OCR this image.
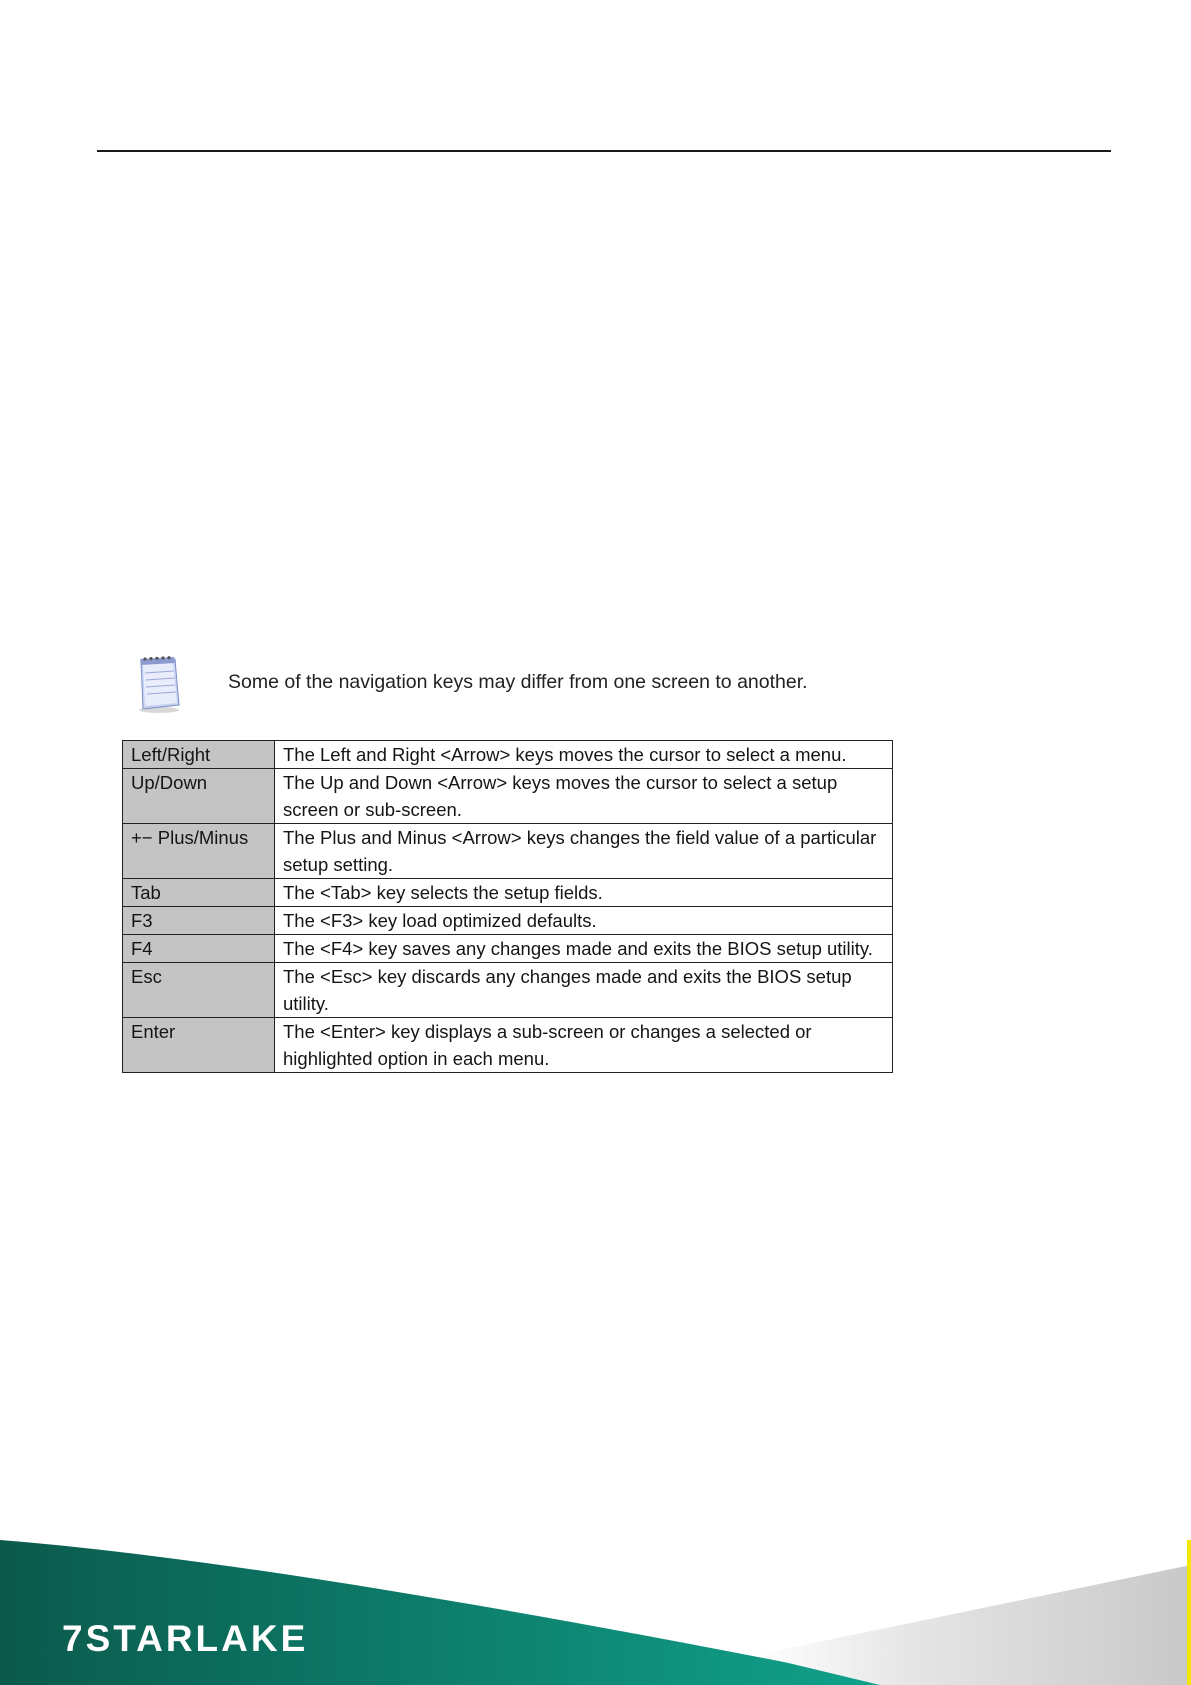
Some of the navigation keys may differ from one screen to another.
Left/Right	The Left and Right <Arrow> keys moves the cursor to select a menu.
Up/Down	The Up and Down <Arrow> keys moves the cursor to select a setup screen or sub-screen.
+− Plus/Minus	The Plus and Minus <Arrow> keys changes the field value of a particular setup setting.
Tab	The <Tab> key selects the setup fields.
F3	The <F3> key load optimized defaults.
F4	The <F4> key saves any changes made and exits the BIOS setup utility.
Esc	The <Esc> key discards any changes made and exits the BIOS setup utility.
Enter	The <Enter> key displays a sub-screen or changes a selected or highlighted option in each menu.
7STARLAKE
